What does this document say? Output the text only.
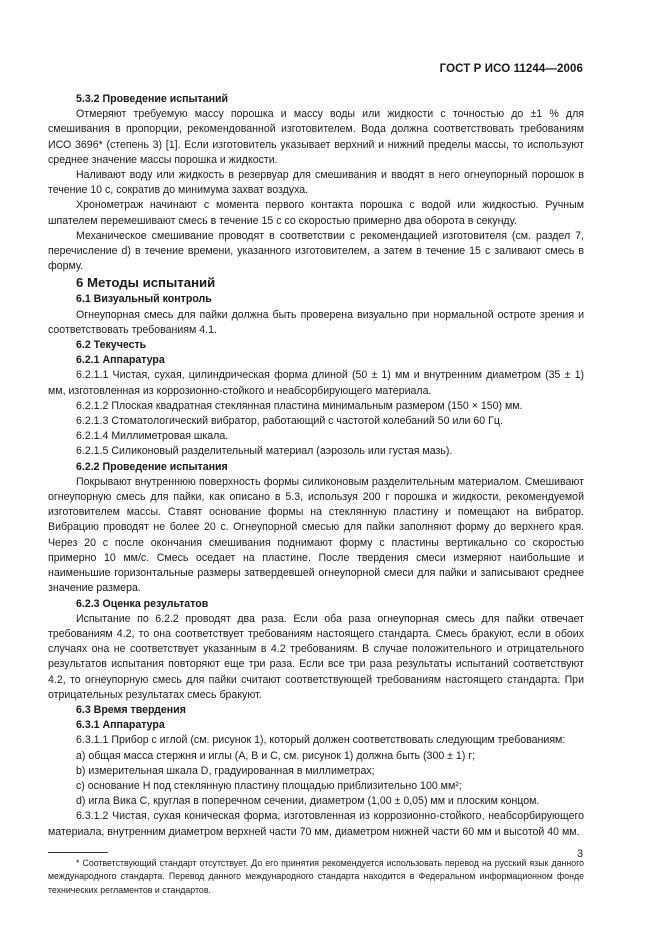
ГОСТ Р ИСО 11244—2006

5.3.2 Проведение испытаний

Отмеряют требуемую массу порошка и массу воды или жидкости с точностью до ±1 % для смешивания в пропорции, рекомендованной изготовителем. Вода должна соответствовать требованиям ИСО 3696* (степень 3) [1]. Если изготовитель указывает верхний и нижний пределы массы, то используют среднее значение массы порошка и жидкости.

Наливают воду или жидкость в резервуар для смешивания и вводят в него огнеупорный порошок в течение 10 с, сократив до минимума захват воздуха.

Хронометраж начинают с момента первого контакта порошка с водой или жидкостью. Ручным шпателем перемешивают смесь в течение 15 с со скоростью примерно два оборота в секунду.

Механическое смешивание проводят в соответствии с рекомендацией изготовителя (см. раздел 7, перечисление d) в течение времени, указанного изготовителем, а затем в течение 15 с заливают смесь в форму.

6 Методы испытаний

6.1 Визуальный контроль

Огнеупорная смесь для пайки должна быть проверена визуально при нормальной остроте зрения и соответствовать требованиям 4.1.

6.2 Текучесть

6.2.1 Аппаратура

6.2.1.1 Чистая, сухая, цилиндрическая форма длиной (50 ± 1) мм и внутренним диаметром (35 ± 1) мм, изготовленная из коррозионно-стойкого и неабсорбирующего материала.

6.2.1.2 Плоская квадратная стеклянная пластина минимальным размером (150 × 150) мм.

6.2.1.3 Стоматологический вибратор, работающий с частотой колебаний 50 или 60 Гц.

6.2.1.4 Миллиметровая шкала.

6.2.1.5 Силиконовый разделительный материал (аэрозоль или густая мазь).

6.2.2 Проведение испытания

Покрывают внутреннюю поверхность формы силиконовым разделительным материалом. Смешивают огнеупорную смесь для пайки, как описано в 5.3, используя 200 г порошка и жидкости, рекомендуемой изготовителем массы. Ставят основание формы на стеклянную пластину и помещают на вибратор. Вибрацию проводят не более 20 с. Огнеупорной смесью для пайки заполняют форму до верхнего края. Через 20 с после окончания смешивания поднимают форму с пластины вертикально со скоростью примерно 10 мм/с. Смесь оседает на пластине. После твердения смеси измеряют наибольшие и наименьшие горизонтальные размеры затвердевшей огнеупорной смеси для пайки и записывают среднее значение размера.

6.2.3 Оценка результатов

Испытание по 6.2.2 проводят два раза. Если оба раза огнеупорная смесь для пайки отвечает требованиям 4.2, то она соответствует требованиям настоящего стандарта. Смесь бракуют, если в обоих случаях она не соответствует указанным в 4.2 требованиям. В случае положительного и отрицательного результатов испытания повторяют еще три раза. Если все три раза результаты испытаний соответствуют 4.2, то огнеупорную смесь для пайки считают соответствующей требованиям настоящего стандарта. При отрицательных результатах смесь бракуют.

6.3 Время твердения

6.3.1 Аппаратура

6.3.1.1 Прибор с иглой (см. рисунок 1), который должен соответствовать следующим требованиям:

a) общая масса стержня и иглы (А, В и С, см. рисунок 1) должна быть (300 ± 1) г;

b) измерительная шкала D, градуированная в миллиметрах;

c) основание Н под стеклянную пластину площадью приблизительно 100 мм²;

d) игла Вика С, круглая в поперечном сечении, диаметром (1,00 ± 0,05) мм и плоским концом.

6.3.1.2 Чистая, сухая коническая форма, изготовленная из коррозионно-стойкого, неабсорбирующего материала, внутренним диаметром верхней части 70 мм, диаметром нижней части 60 мм и высотой 40 мм.

* Соответствующий стандарт отсутствует. До его принятия рекомендуется использовать перевод на русский язык данного международного стандарта. Перевод данного международного стандарта находится в Федеральном информационном фонде технических регламентов и стандартов.

3
